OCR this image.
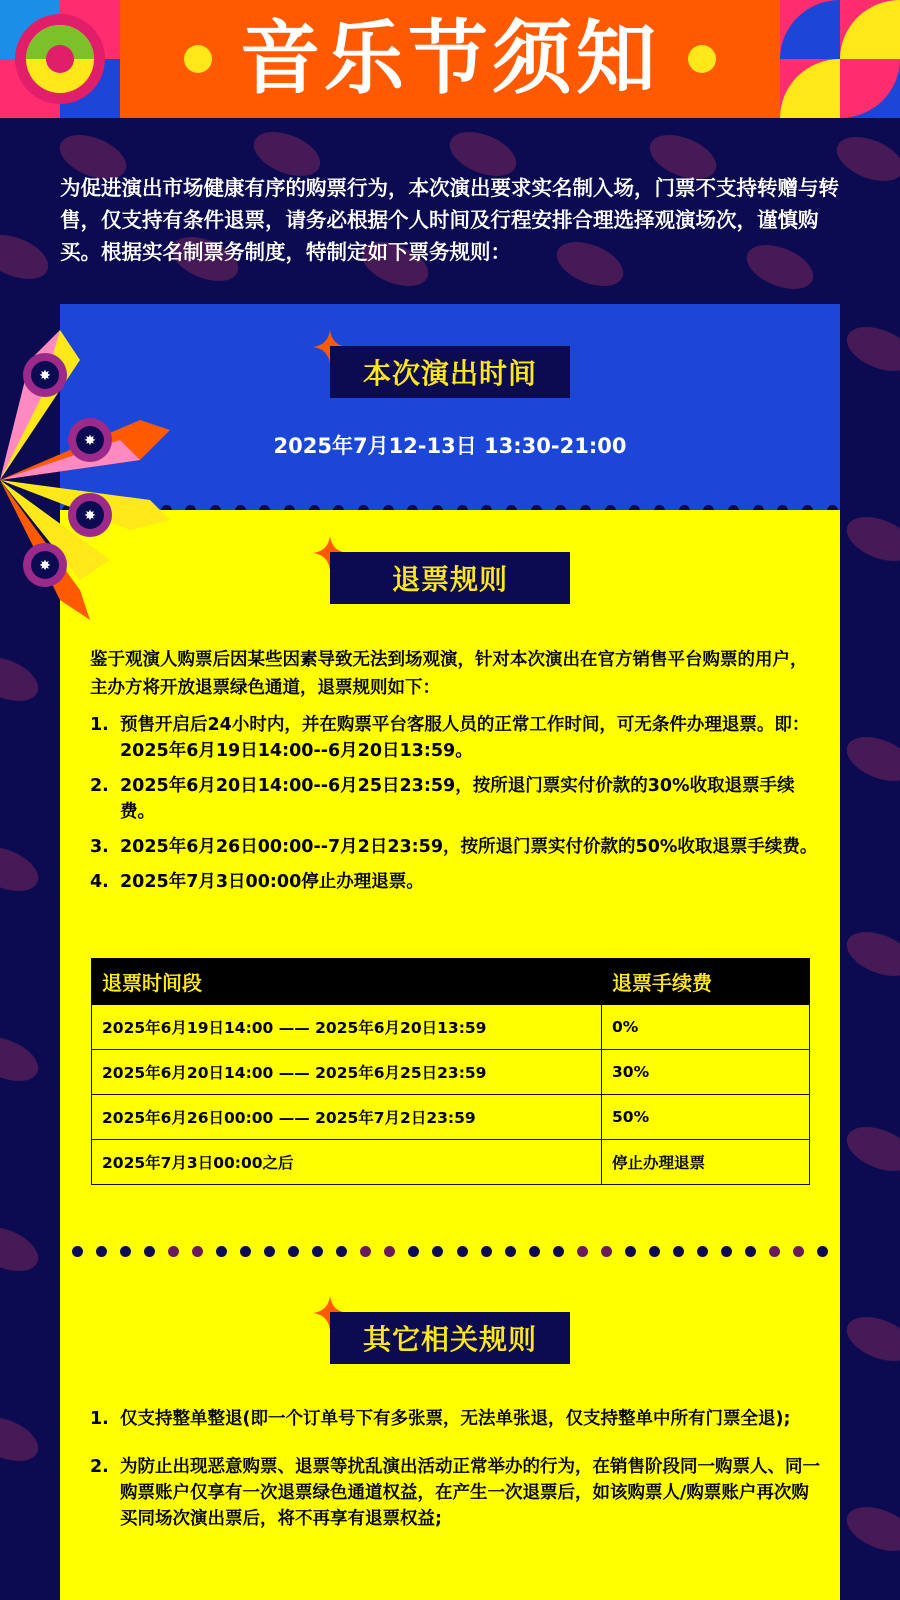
音乐节须知
为促进演出市场健康有序的购票行为，本次演出要求实名制入场，门票不支持转赠与转售，仅支持有条件退票，请务必根据个人时间及行程安排合理选择观演场次，谨慎购买。根据实名制票务制度，特制定如下票务规则：
本次演出时间
2025年7月12-13日 13:30-21:00
退票规则
鉴于观演人购票后因某些因素导致无法到场观演，针对本次演出在官方销售平台购票的用户，主办方将开放退票绿色通道，退票规则如下：
1. 预售开启后24小时内，并在购票平台客服人员的正常工作时间，可无条件办理退票。即：2025年6月19日14:00--6月20日13:59。
2. 2025年6月20日14:00--6月25日23:59，按所退门票实付价款的30%收取退票手续费。
3. 2025年6月26日00:00--7月2日23:59，按所退门票实付价款的50%收取退票手续费。
4. 2025年7月3日00:00停止办理退票。
退票时间段	退票手续费
2025年6月19日14:00 —— 2025年6月20日13:59	0%
2025年6月20日14:00 —— 2025年6月25日23:59	30%
2025年6月26日00:00 —— 2025年7月2日23:59	50%
2025年7月3日00:00之后	停止办理退票
其它相关规则
1. 仅支持整单整退(即一个订单号下有多张票，无法单张退，仅支持整单中所有门票全退);
2. 为防止出现恶意购票、退票等扰乱演出活动正常举办的行为，在销售阶段同一购票人、同一购票账户仅享有一次退票绿色通道权益，在产生一次退票后，如该购票人/购票账户再次购买同场次演出票后，将不再享有退票权益;
✸
✸
✸
✸
